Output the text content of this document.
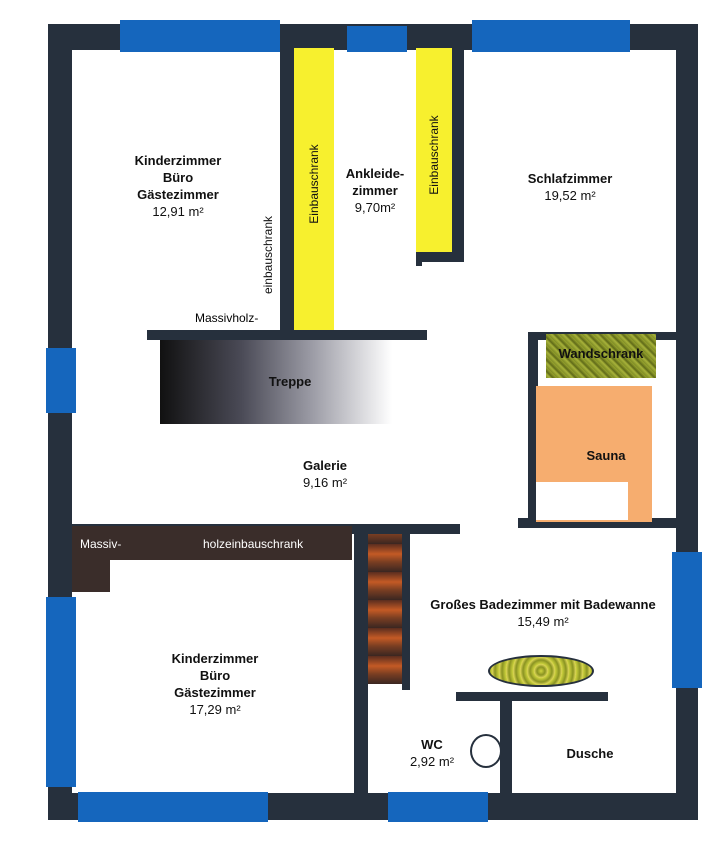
Einbauschrank	Einbauschrank
Treppe
Wandschrank
Sauna
Massivholz-
einbauschrank
Massiv-	holzeinbauschrank
Kinderzimmer
Büro
Gästezimmer
12,91 m²
Ankleide-
zimmer
9,70m²
Schlafzimmer
19,52 m²
Galerie
9,16 m²
Kinderzimmer
Büro
Gästezimmer
17,29 m²
Großes Badezimmer mit Badewanne
15,49 m²
WC
2,92 m²
Dusche
